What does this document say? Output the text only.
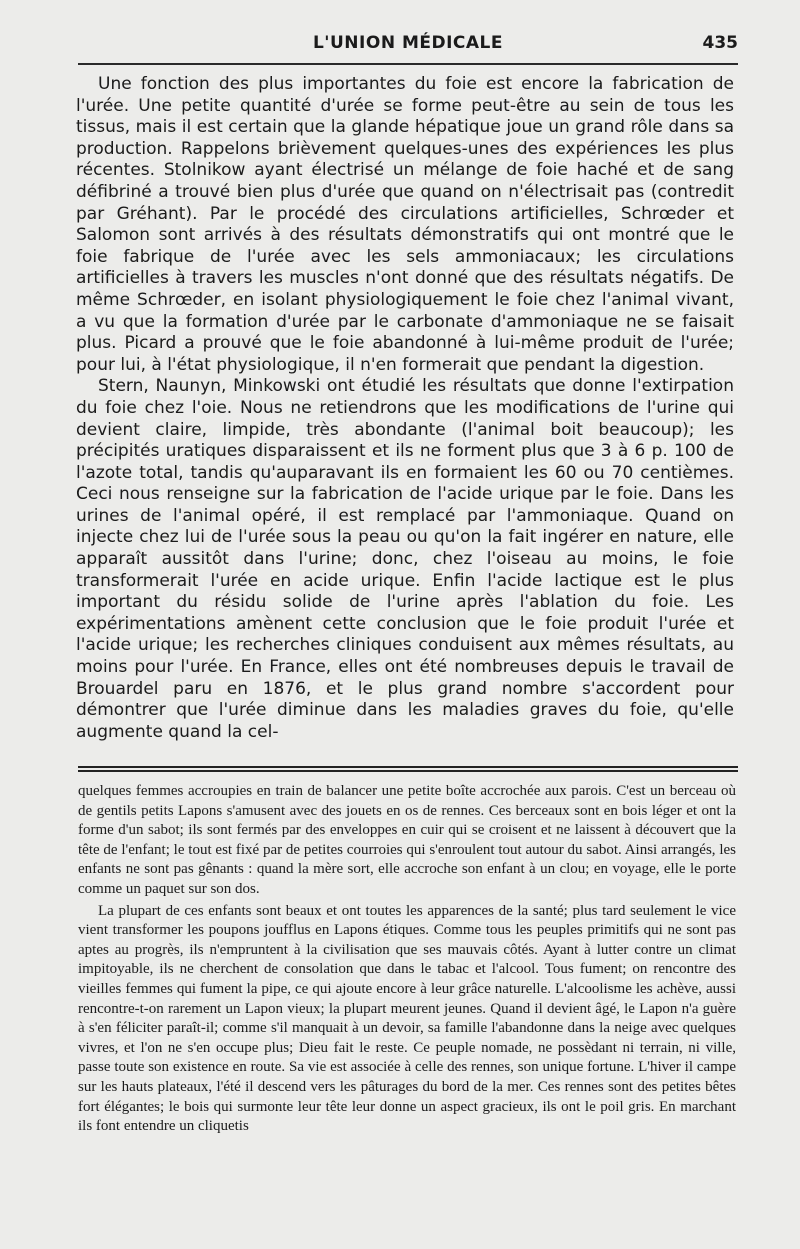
L'UNION MÉDICALE	435

Une fonction des plus importantes du foie est encore la fabrication de l'urée. Une petite quantité d'urée se forme peut-être au sein de tous les tissus, mais il est certain que la glande hépatique joue un grand rôle dans sa production. Rappelons brièvement quelques-unes des expériences les plus récentes. Stolnikow ayant électrisé un mélange de foie haché et de sang défibriné a trouvé bien plus d'urée que quand on n'électrisait pas (contredit par Gréhant). Par le procédé des circulations artificielles, Schrœder et Salomon sont arrivés à des résultats démonstratifs qui ont montré que le foie fabrique de l'urée avec les sels ammoniacaux; les circulations artificielles à travers les muscles n'ont donné que des résultats négatifs. De même Schrœder, en isolant physiologiquement le foie chez l'animal vivant, a vu que la formation d'urée par le carbonate d'ammoniaque ne se faisait plus. Picard a prouvé que le foie abandonné à lui-même produit de l'urée; pour lui, à l'état physiologique, il n'en formerait que pendant la digestion.

Stern, Naunyn, Minkowski ont étudié les résultats que donne l'extirpation du foie chez l'oie. Nous ne retiendrons que les modifications de l'urine qui devient claire, limpide, très abondante (l'animal boit beaucoup); les précipités uratiques disparaissent et ils ne forment plus que 3 à 6 p. 100 de l'azote total, tandis qu'auparavant ils en formaient les 60 ou 70 centièmes. Ceci nous renseigne sur la fabrication de l'acide urique par le foie. Dans les urines de l'animal opéré, il est remplacé par l'ammoniaque. Quand on injecte chez lui de l'urée sous la peau ou qu'on la fait ingérer en nature, elle apparaît aussitôt dans l'urine; donc, chez l'oiseau au moins, le foie transformerait l'urée en acide urique. Enfin l'acide lactique est le plus important du résidu solide de l'urine après l'ablation du foie. Les expérimentations amènent cette conclusion que le foie produit l'urée et l'acide urique; les recherches cliniques conduisent aux mêmes résultats, au moins pour l'urée. En France, elles ont été nombreuses depuis le travail de Brouardel paru en 1876, et le plus grand nombre s'accordent pour démontrer que l'urée diminue dans les maladies graves du foie, qu'elle augmente quand la cel-

quelques femmes accroupies en train de balancer une petite boîte accrochée aux parois. C'est un berceau où de gentils petits Lapons s'amusent avec des jouets en os de rennes. Ces berceaux sont en bois léger et ont la forme d'un sabot; ils sont fermés par des enveloppes en cuir qui se croisent et ne laissent à découvert que la tête de l'enfant; le tout est fixé par de petites courroies qui s'enroulent tout autour du sabot. Ainsi arrangés, les enfants ne sont pas gênants : quand la mère sort, elle accroche son enfant à un clou; en voyage, elle le porte comme un paquet sur son dos.

La plupart de ces enfants sont beaux et ont toutes les apparences de la santé; plus tard seulement le vice vient transformer les poupons joufflus en Lapons étiques. Comme tous les peuples primitifs qui ne sont pas aptes au progrès, ils n'empruntent à la civilisation que ses mauvais côtés. Ayant à lutter contre un climat impitoyable, ils ne cherchent de consolation que dans le tabac et l'alcool. Tous fument; on rencontre des vieilles femmes qui fument la pipe, ce qui ajoute encore à leur grâce naturelle. L'alcoolisme les achève, aussi rencontre-t-on rarement un Lapon vieux; la plupart meurent jeunes. Quand il devient âgé, le Lapon n'a guère à s'en féliciter paraît-il; comme s'il manquait à un devoir, sa famille l'abandonne dans la neige avec quelques vivres, et l'on ne s'en occupe plus; Dieu fait le reste. Ce peuple nomade, ne possèdant ni terrain, ni ville, passe toute son existence en route. Sa vie est associée à celle des rennes, son unique fortune. L'hiver il campe sur les hauts plateaux, l'été il descend vers les pâturages du bord de la mer. Ces rennes sont des petites bêtes fort élégantes; le bois qui surmonte leur tête leur donne un aspect gracieux, ils ont le poil gris. En marchant ils font entendre un cliquetis
